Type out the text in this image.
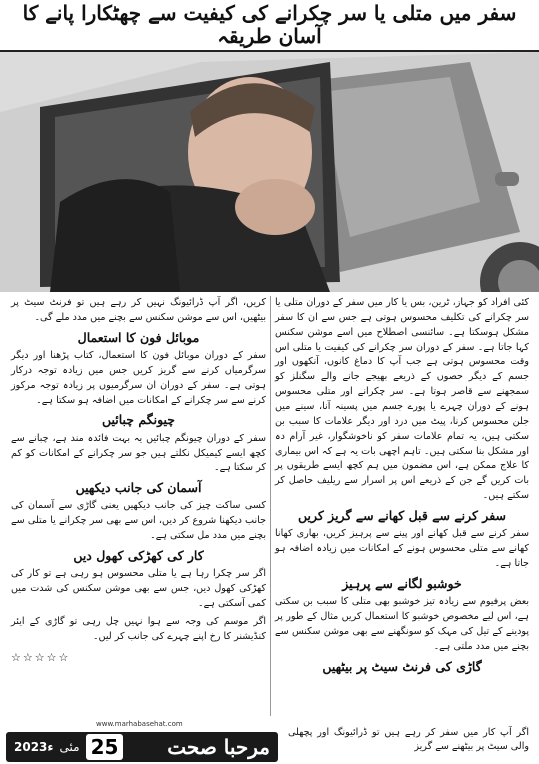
سفر میں متلی یا سر چکرانے کی کیفیت سے چھٹکارا پانے کا آسان طریقہ

کئی افراد کو جہاز، ٹرین، بس یا کار میں سفر کے دوران متلی یا سر چکرانے کی تکلیف محسوس ہوتی ہے جس سے ان کا سفر مشکل ہوسکتا ہے۔ سائنسی اصطلاح میں اسے موشن سکنس کہا جاتا ہے۔ سفر کے دوران سر چکرانے کی کیفیت یا متلی اس وقت محسوس ہوتی ہے جب آپ کا دماغ کانوں، آنکھوں اور جسم کے دیگر حصوں کے ذریعے بھیجے جانے والے سگنلز کو سمجھنے سے قاصر ہوتا ہے۔ سر چکرانے اور متلی محسوس ہونے کے دوران چہرے یا پورے جسم میں پسینہ آنا، سینے میں جلن محسوس کرنا، پیٹ میں درد اور دیگر علامات کا سبب بن سکتی ہیں، یہ تمام علامات سفر کو ناخوشگوار، غیر آرام دہ اور مشکل بنا سکتی ہیں۔ تاہم اچھی بات یہ ہے کہ اس بیماری کا علاج ممکن ہے، اس مضمون میں ہم کچھ ایسے طریقوں پر بات کریں گے جن کے ذریعے اس پر اسرار سے ریلیف حاصل کر سکتے ہیں۔

سفر کرنے سے قبل کھانے سے گریز کریں

سفر کرنے سے قبل کھانے اور پینے سے پرہیز کریں، بھاری کھانا کھانے سے متلی محسوس ہونے کے امکانات میں زیادہ اضافہ ہو جاتا ہے۔

خوشبو لگانے سے پرہیز

بعض پرفیوم سے زیادہ تیز خوشبو بھی متلی کا سبب بن سکتی ہے، اس لیے مخصوص خوشبو کا استعمال کریں مثال کے طور پر پودینے کے تیل کی مہک کو سونگھنے سے بھی موشن سکنس سے بچنے میں مدد ملتی ہے۔

گاڑی کی فرنٹ سیٹ پر بیٹھیں

کریں، اگر آپ ڈرائیونگ نہیں کر رہے ہیں تو فرنٹ سیٹ پر بیٹھیں، اس سے موشن سکنس سے بچنے میں مدد ملے گی۔

موبائل فون کا استعمال

سفر کے دوران موبائل فون کا استعمال، کتاب پڑھنا اور دیگر سرگرمیاں کرنے سے گریز کریں جس میں زیادہ توجہ درکار ہوتی ہے۔ سفر کے دوران ان سرگرمیوں پر زیادہ توجہ مرکوز کرنے سے سر چکرانے کے امکانات میں اضافہ ہو سکتا ہے۔

چیونگم چبائیں

سفر کے دوران چیونگم چبائیں یہ بہت فائدہ مند ہے، چبانے سے کچھ ایسے کیمیکل نکلتے ہیں جو سر چکرانے کے امکانات کو کم کر سکتا ہے۔

آسمان کی جانب دیکھیں

کسی ساکت چیز کی جانب دیکھیں یعنی گاڑی سے آسمان کی جانب دیکھنا شروع کر دیں، اس سے بھی سر چکرانے یا متلی سے بچنے میں مدد مل سکتی ہے۔

کار کی کھڑکی کھول دیں

اگر سر چکرا رہا ہے یا متلی محسوس ہو رہی ہے تو کار کی کھڑکی کھول دیں، جس سے بھی موشن سکنس کی شدت میں کمی آسکتی ہے۔

اگر موسم کی وجہ سے ہوا نہیں چل رہی تو گاڑی کے ایئر کنڈیشنر کا رخ اپنے چہرے کی جانب کر لیں۔

☆☆☆☆☆

اگر آپ کار میں سفر کر رہے ہیں تو ڈرائیونگ اور پچھلی والی سیٹ پر بیٹھنے سے گریز

www.marhabasehat.com
مرحبا صحت
2023ء مئی 25
